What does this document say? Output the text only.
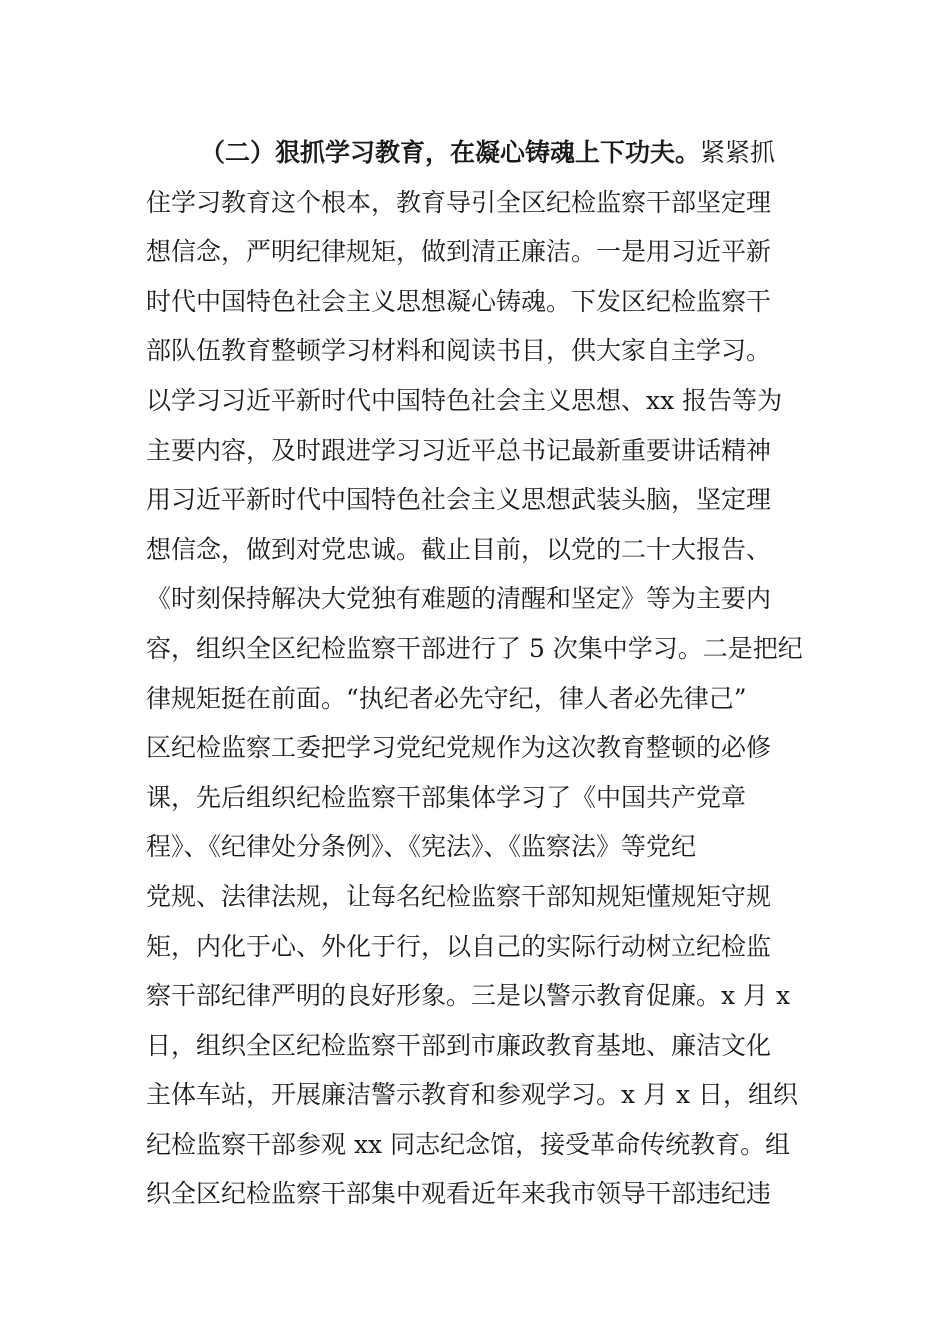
（二）狠抓学习教育，在凝心铸魂上下功夫。紧紧抓
住学习教育这个根本，教育导引全区纪检监察干部坚定理
想信念，严明纪律规矩，做到清正廉洁。一是用习近平新
时代中国特色社会主义思想凝心铸魂。下发区纪检监察干
部队伍教育整顿学习材料和阅读书目，供大家自主学习。
以学习习近平新时代中国特色社会主义思想、xx 报告等为
主要内容，及时跟进学习习近平总书记最新重要讲话精神
用习近平新时代中国特色社会主义思想武装头脑，坚定理
想信念，做到对党忠诚。截止目前，以党的二十大报告、
《时刻保持解决大党独有难题的清醒和坚定》等为主要内
容，组织全区纪检监察干部进行了 5 次集中学习。二是把纪
律规矩挺在前面。“执纪者必先守纪，律人者必先律己”
区纪检监察工委把学习党纪党规作为这次教育整顿的必修
课，先后组织纪检监察干部集体学习了《中国共产党章
程》、《纪律处分条例》、《宪法》、《监察法》等党纪
党规、法律法规，让每名纪检监察干部知规矩懂规矩守规
矩，内化于心、外化于行，以自己的实际行动树立纪检监
察干部纪律严明的良好形象。三是以警示教育促廉。x 月 x
日，组织全区纪检监察干部到市廉政教育基地、廉洁文化
主体车站，开展廉洁警示教育和参观学习。x 月 x 日，组织
纪检监察干部参观 xx 同志纪念馆，接受革命传统教育。组
织全区纪检监察干部集中观看近年来我市领导干部违纪违
